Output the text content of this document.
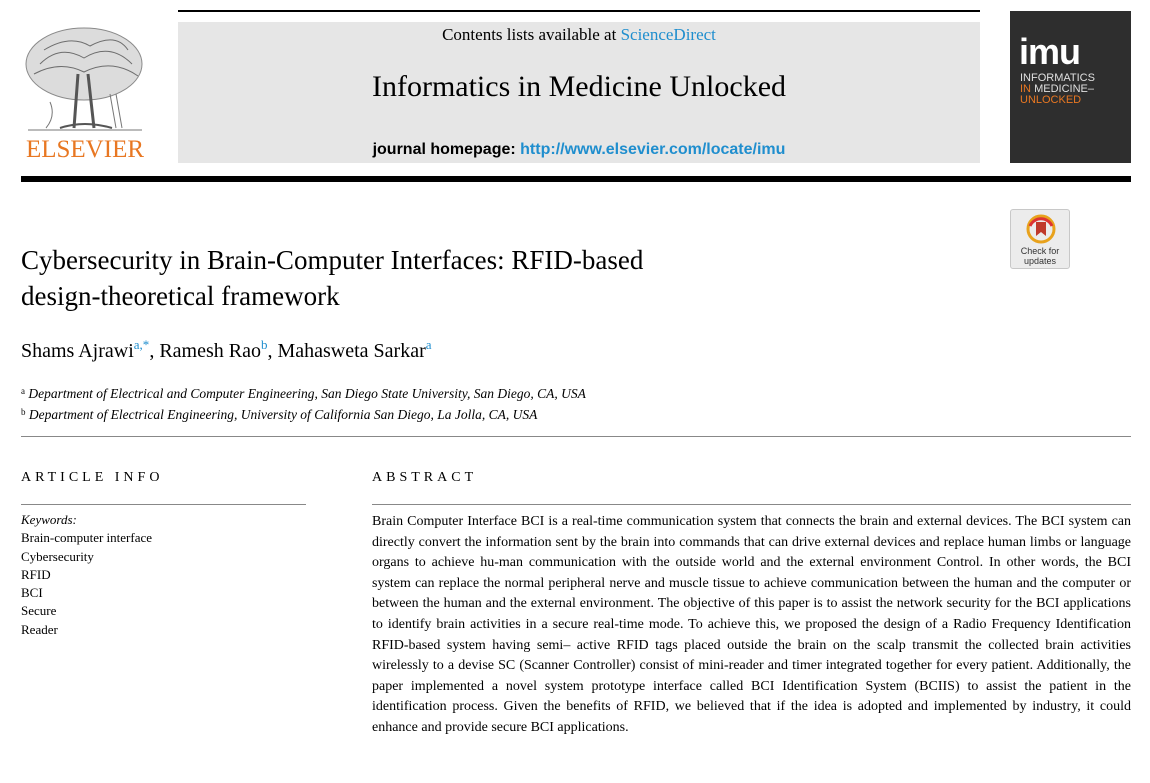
ELSEVIER
Contents lists available at ScienceDirect
Informatics in Medicine Unlocked
journal homepage: http://www.elsevier.com/locate/imu
imu
INFORMATICS
IN MEDICINE–
UNLOCKED
Check for
updates
Cybersecurity in Brain-Computer Interfaces: RFID-based
design-theoretical framework
Shams Ajrawi$^{a,*}$, Ramesh Rao$^b$, Mahasweta Sarkar$^a$
$^a$ Department of Electrical and Computer Engineering, San Diego State University, San Diego, CA, USA
$^b$ Department of Electrical Engineering, University of California San Diego, La Jolla, CA, USA
ARTICLE INFO
Keywords:
Brain-computer interface
Cybersecurity
RFID
BCI
Secure
Reader
ABSTRACT
Brain Computer Interface BCI is a real-time communication system that connects the brain and external devices. The BCI system can directly convert the information sent by the brain into commands that can drive external devices and replace human limbs or language organs to achieve hu-man communication with the outside world and the external environment Control. In other words, the BCI system can replace the normal peripheral nerve and muscle tissue to achieve communication between the human and the computer or between the human and the external environment. The objective of this paper is to assist the network security for the BCI applications to identify brain activities in a secure real-time mode. To achieve this, we proposed the design of a Radio Frequency Identification RFID-based system having semi‒ active RFID tags placed outside the brain on the scalp transmit the collected brain activities wirelessly to a devise SC (Scanner Controller) consist of mini-reader and timer integrated together for every patient. Additionally, the paper implemented a novel system prototype interface called BCI Identification System (BCIIS) to assist the patient in the identification process. Given the benefits of RFID, we believed that if the idea is adopted and implemented by industry, it could enhance and provide secure BCI applications.
